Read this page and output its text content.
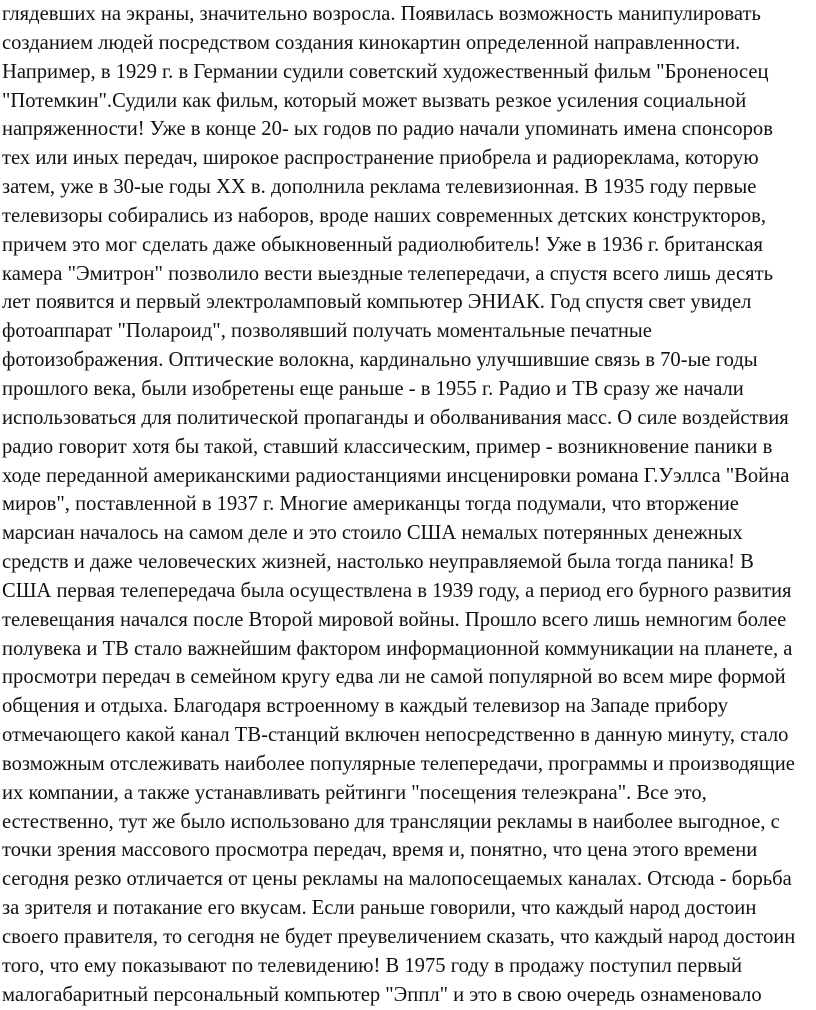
глядевших на экраны, значительно возросла. Появилась возможность манипулировать
созданием людей посредством создания кинокартин определенной направленности.
Например, в 1929 г. в Германии судили советский художественный фильм "Броненосец
"Потемкин".Судили как фильм, который может вызвать резкое усиления социальной
напряженности! Уже в конце 20- ых годов по радио начали упоминать имена спонсоров
тех или иных передач, широкое распространение приобрела и радиореклама, которую
затем, уже в 30-ые годы XX в. дополнила реклама телевизионная. В 1935 году первые
телевизоры собирались из наборов, вроде наших современных детских конструкторов,
причем это мог сделать даже обыкновенный радиолюбитель! Уже в 1936 г. британская
камера "Эмитрон" позволило вести выездные телепередачи, а спустя всего лишь десять
лет появится и первый электроламповый компьютер ЭНИАК. Год спустя свет увидел
фотоаппарат "Полароид", позволявший получать моментальные печатные
фотоизображения. Оптические волокна, кардинально улучшившие связь в 70-ые годы
прошлого века, были изобретены еще раньше - в 1955 г. Радио и ТВ сразу же начали
использоваться для политической пропаганды и оболванивания масс. О силе воздействия
радио говорит хотя бы такой, ставший классическим, пример - возникновение паники в
ходе переданной американскими радиостанциями инсценировки романа Г.Уэллса "Война
миров", поставленной в 1937 г. Многие американцы тогда подумали, что вторжение
марсиан началось на самом деле и это стоило США немалых потерянных денежных
средств и даже человеческих жизней, настолько неуправляемой была тогда паника! В
США первая телепередача была осуществлена в 1939 году, а период его бурного развития
телевещания начался после Второй мировой войны. Прошло всего лишь немногим более
полувека и ТВ стало важнейшим фактором информационной коммуникации на планете, а
просмотри передач в семейном кругу едва ли не самой популярной во всем мире формой
общения и отдыха. Благодаря встроенному в каждый телевизор на Западе прибору
отмечающего какой канал ТВ-станций включен непосредственно в данную минуту, стало
возможным отслеживать наиболее популярные телепередачи, программы и производящие
их компании, а также устанавливать рейтинги "посещения телеэкрана". Все это,
естественно, тут же было использовано для трансляции рекламы в наиболее выгодное, с
точки зрения массового просмотра передач, время и, понятно, что цена этого времени
сегодня резко отличается от цены рекламы на малопосещаемых каналах. Отсюда - борьба
за зрителя и потакание его вкусам. Если раньше говорили, что каждый народ достоин
своего правителя, то сегодня не будет преувеличением сказать, что каждый народ достоин
того, что ему показывают по телевидению! В 1975 году в продажу поступил первый
малогабаритный персональный компьютер "Эппл" и это в свою очередь ознаменовало
